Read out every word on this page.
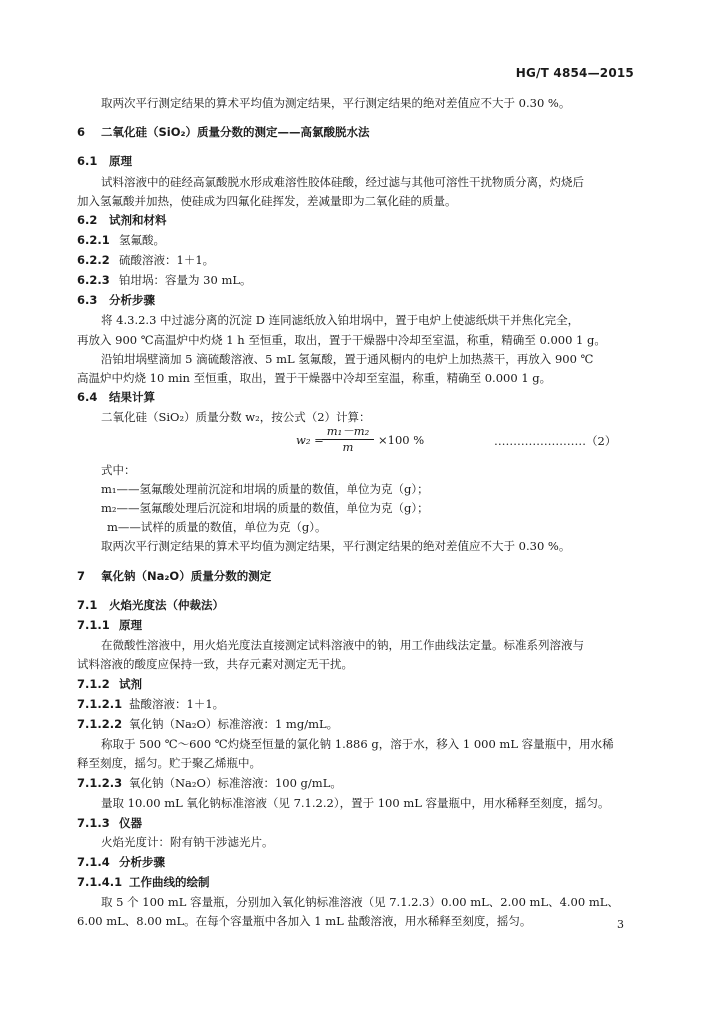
HG/T 4854—2015
取两次平行测定结果的算术平均值为测定结果，平行测定结果的绝对差值应不大于 0.30 %。
6 二氧化硅（SiO₂）质量分数的测定——高氯酸脱水法
6.1 原理
试料溶液中的硅经高氯酸脱水形成难溶性胶体硅酸，经过滤与其他可溶性干扰物质分离，灼烧后
加入氢氟酸并加热，使硅成为四氟化硅挥发，差减量即为二氧化硅的质量。
6.2 试剂和材料
6.2.1 氢氟酸。
6.2.2 硫酸溶液：1＋1。
6.2.3 铂坩埚：容量为 30 mL。
6.3 分析步骤
将 4.3.2.3 中过滤分离的沉淀 D 连同滤纸放入铂坩埚中，置于电炉上使滤纸烘干并焦化完全，
再放入 900 ℃高温炉中灼烧 1 h 至恒重，取出，置于干燥器中冷却至室温，称重，精确至 0.000 1 g。
沿铂坩埚壁滴加 5 滴硫酸溶液、5 mL 氢氟酸，置于通风橱内的电炉上加热蒸干，再放入 900 ℃
高温炉中灼烧 10 min 至恒重，取出，置于干燥器中冷却至室温，称重，精确至 0.000 1 g。
6.4 结果计算
二氧化硅（SiO₂）质量分数 w₂，按公式（2）计算：
w₂ =
$\frac{\text{m₁－m₂}}{m} \times 100$ %	……………………（2）
式中：
m₁——氢氟酸处理前沉淀和坩埚的质量的数值，单位为克（g）；
m₂——氢氟酸处理后沉淀和坩埚的质量的数值，单位为克（g）；
m——试样的质量的数值，单位为克（g）。
取两次平行测定结果的算术平均值为测定结果，平行测定结果的绝对差值应不大于 0.30 %。
7 氧化钠（Na₂O）质量分数的测定
7.1 火焰光度法（仲裁法）
7.1.1 原理
在微酸性溶液中，用火焰光度法直接测定试料溶液中的钠，用工作曲线法定量。标准系列溶液与
试料溶液的酸度应保持一致，共存元素对测定无干扰。
7.1.2 试剂
7.1.2.1 盐酸溶液：1＋1。
7.1.2.2 氧化钠（Na₂O）标准溶液：1 mg/mL。
称取于 500 ℃～600 ℃灼烧至恒量的氯化钠 1.886 g，溶于水，移入 1 000 mL 容量瓶中，用水稀
释至刻度，摇匀。贮于聚乙烯瓶中。
7.1.2.3 氧化钠（Na₂O）标准溶液：100 g/mL。
量取 10.00 mL 氧化钠标准溶液（见 7.1.2.2），置于 100 mL 容量瓶中，用水稀释至刻度，摇匀。
7.1.3 仪器
火焰光度计：附有钠干涉滤光片。
7.1.4 分析步骤
7.1.4.1 工作曲线的绘制
取 5 个 100 mL 容量瓶，分别加入氧化钠标准溶液（见 7.1.2.3）0.00 mL、2.00 mL、4.00 mL、
6.00 mL、8.00 mL。在每个容量瓶中各加入 1 mL 盐酸溶液，用水稀释至刻度，摇匀。	3
